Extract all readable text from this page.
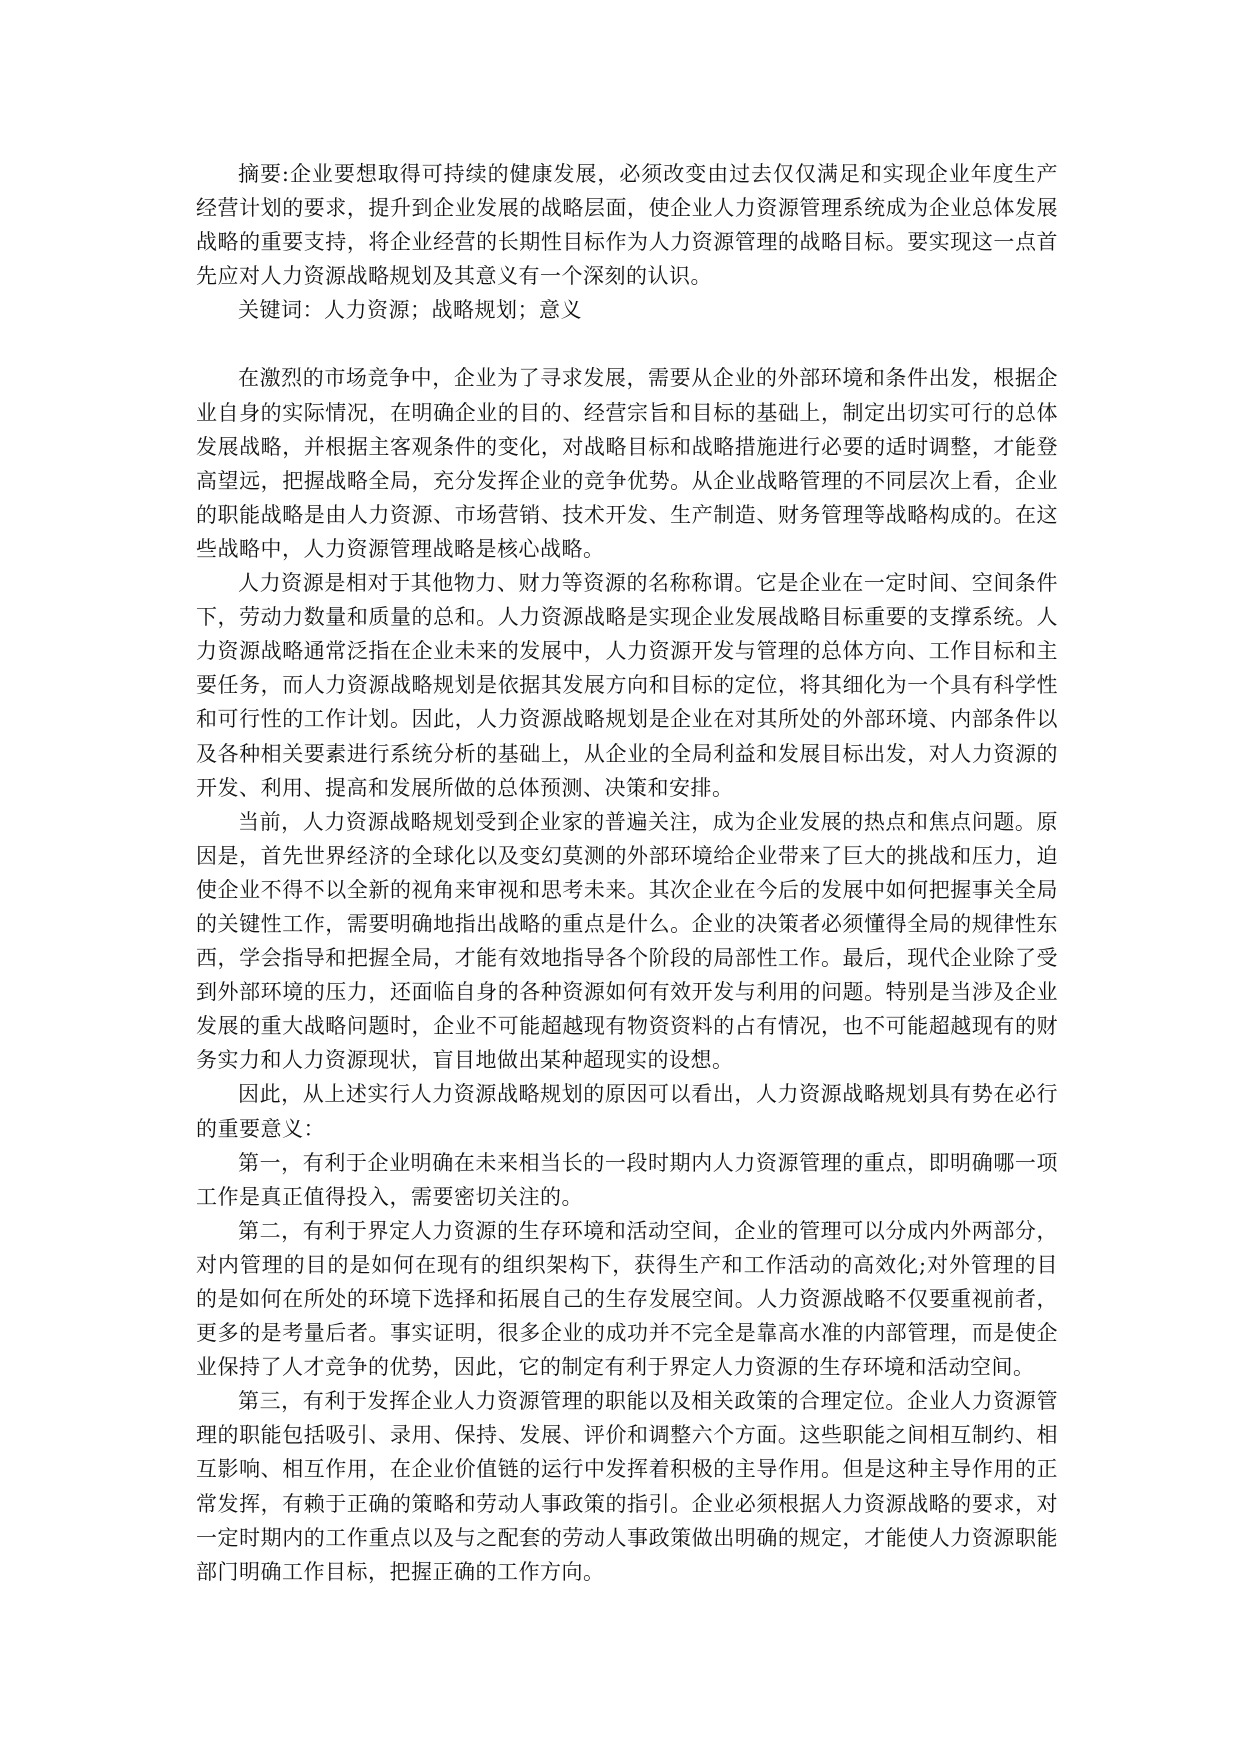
摘要:企业要想取得可持续的健康发展，必须改变由过去仅仅满足和实现企业年度生产经营计划的要求，提升到企业发展的战略层面，使企业人力资源管理系统成为企业总体发展战略的重要支持，将企业经营的长期性目标作为人力资源管理的战略目标。要实现这一点首先应对人力资源战略规划及其意义有一个深刻的认识。

关键词：人力资源；战略规划；意义

在激烈的市场竞争中，企业为了寻求发展，需要从企业的外部环境和条件出发，根据企业自身的实际情况，在明确企业的目的、经营宗旨和目标的基础上，制定出切实可行的总体发展战略，并根据主客观条件的变化，对战略目标和战略措施进行必要的适时调整，才能登高望远，把握战略全局，充分发挥企业的竞争优势。从企业战略管理的不同层次上看，企业的职能战略是由人力资源、市场营销、技术开发、生产制造、财务管理等战略构成的。在这些战略中，人力资源管理战略是核心战略。

人力资源是相对于其他物力、财力等资源的名称称谓。它是企业在一定时间、空间条件下，劳动力数量和质量的总和。人力资源战略是实现企业发展战略目标重要的支撑系统。人力资源战略通常泛指在企业未来的发展中，人力资源开发与管理的总体方向、工作目标和主要任务，而人力资源战略规划是依据其发展方向和目标的定位，将其细化为一个具有科学性和可行性的工作计划。因此，人力资源战略规划是企业在对其所处的外部环境、内部条件以及各种相关要素进行系统分析的基础上，从企业的全局利益和发展目标出发，对人力资源的开发、利用、提高和发展所做的总体预测、决策和安排。

当前，人力资源战略规划受到企业家的普遍关注，成为企业发展的热点和焦点问题。原因是，首先世界经济的全球化以及变幻莫测的外部环境给企业带来了巨大的挑战和压力，迫使企业不得不以全新的视角来审视和思考未来。其次企业在今后的发展中如何把握事关全局的关键性工作，需要明确地指出战略的重点是什么。企业的决策者必须懂得全局的规律性东西，学会指导和把握全局，才能有效地指导各个阶段的局部性工作。最后，现代企业除了受到外部环境的压力，还面临自身的各种资源如何有效开发与利用的问题。特别是当涉及企业发展的重大战略问题时，企业不可能超越现有物资资料的占有情况，也不可能超越现有的财务实力和人力资源现状，盲目地做出某种超现实的设想。

因此，从上述实行人力资源战略规划的原因可以看出，人力资源战略规划具有势在必行的重要意义：

第一，有利于企业明确在未来相当长的一段时期内人力资源管理的重点，即明确哪一项工作是真正值得投入，需要密切关注的。

第二，有利于界定人力资源的生存环境和活动空间，企业的管理可以分成内外两部分，对内管理的目的是如何在现有的组织架构下，获得生产和工作活动的高效化;对外管理的目的是如何在所处的环境下选择和拓展自己的生存发展空间。人力资源战略不仅要重视前者，更多的是考量后者。事实证明，很多企业的成功并不完全是靠高水准的内部管理，而是使企业保持了人才竞争的优势，因此，它的制定有利于界定人力资源的生存环境和活动空间。

第三，有利于发挥企业人力资源管理的职能以及相关政策的合理定位。企业人力资源管理的职能包括吸引、录用、保持、发展、评价和调整六个方面。这些职能之间相互制约、相互影响、相互作用，在企业价值链的运行中发挥着积极的主导作用。但是这种主导作用的正常发挥，有赖于正确的策略和劳动人事政策的指引。企业必须根据人力资源战略的要求，对一定时期内的工作重点以及与之配套的劳动人事政策做出明确的规定，才能使人力资源职能部门明确工作目标，把握正确的工作方向。
